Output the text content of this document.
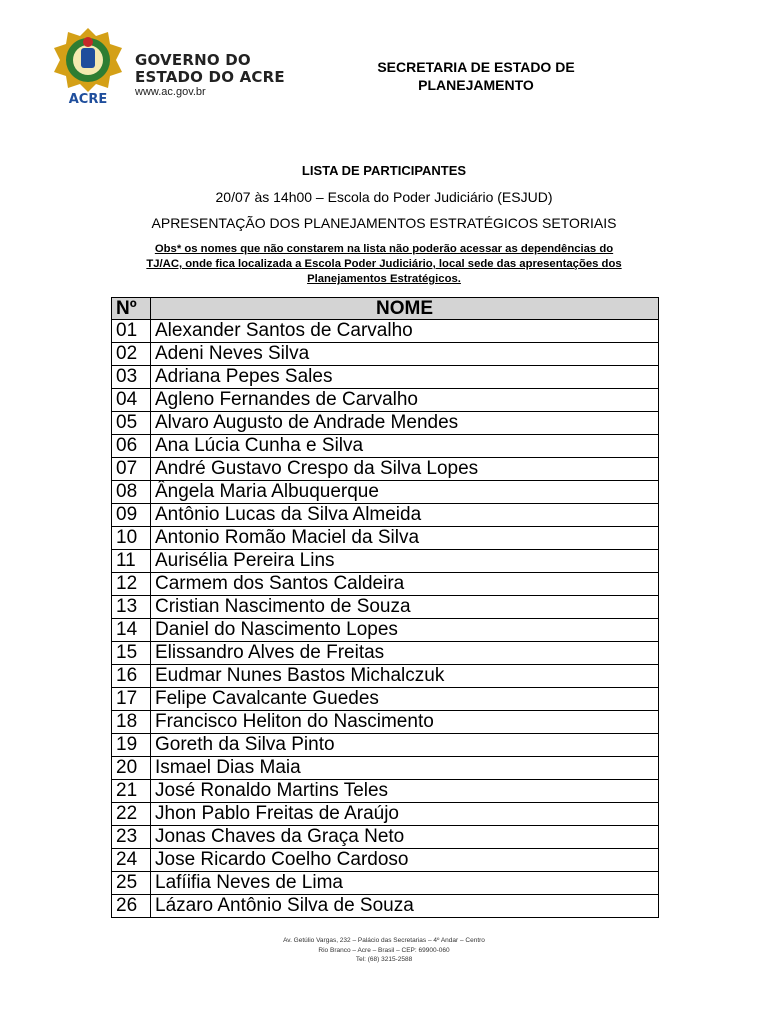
ACRE
GOVERNO DO
ESTADO DO ACRE
www.ac.gov.br
SECRETARIA DE ESTADO DE
PLANEJAMENTO
LISTA DE PARTICIPANTES
20/07 às 14h00 – Escola do Poder Judiciário (ESJUD)
APRESENTAÇÃO DOS PLANEJAMENTOS ESTRATÉGICOS SETORIAIS
Obs* os nomes que não constarem na lista não poderão acessar as dependências do
TJ/AC, onde fica localizada a Escola Poder Judiciário, local sede das apresentações dos
Planejamentos Estratégicos.
Nº	NOME
01	Alexander Santos de Carvalho
02	Adeni Neves Silva
03	Adriana Pepes Sales
04	Agleno Fernandes de Carvalho
05	Alvaro Augusto de Andrade Mendes
06	Ana Lúcia Cunha e Silva
07	André Gustavo Crespo da Silva Lopes
08	Ângela Maria Albuquerque
09	Antônio Lucas da Silva Almeida
10	Antonio Romão Maciel da Silva
11	Aurisélia Pereira Lins
12	Carmem dos Santos Caldeira
13	Cristian Nascimento de Souza
14	Daniel do Nascimento Lopes
15	Elissandro Alves de Freitas
16	Eudmar Nunes Bastos Michalczuk
17	Felipe Cavalcante Guedes
18	Francisco Heliton do Nascimento
19	Goreth da Silva Pinto
20	Ismael Dias Maia
21	José Ronaldo Martins Teles
22	Jhon Pablo Freitas de Araújo
23	Jonas Chaves da Graça Neto
24	Jose Ricardo Coelho Cardoso
25	Lafíifia Neves de Lima
26	Lázaro Antônio Silva de Souza
Av. Getúlio Vargas, 232 – Palácio das Secretarias – 4º Andar – Centro
Rio Branco – Acre – Brasil – CEP: 69900-060
Tel: (68) 3215-2588
